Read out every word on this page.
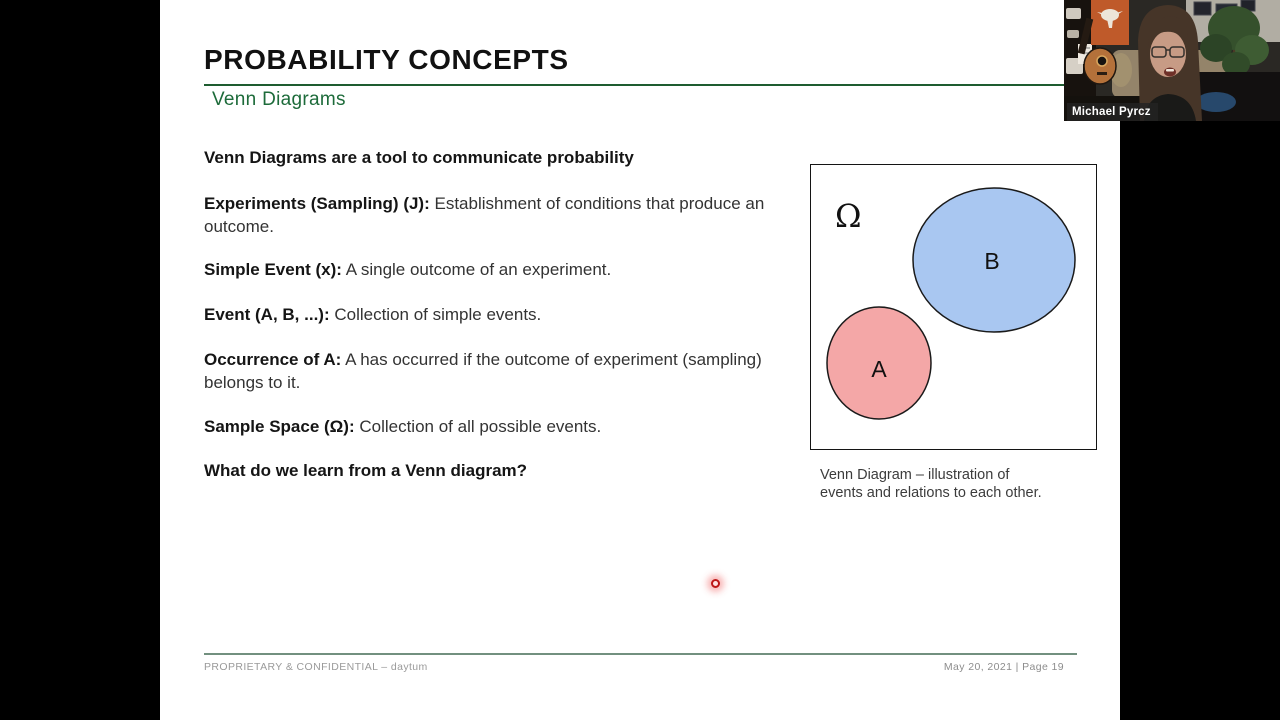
PROBABILITY CONCEPTS
Venn Diagrams

Venn Diagrams are a tool to communicate probability

Experiments (Sampling) (J): Establishment of conditions that produce an outcome.

Simple Event (x): A single outcome of an experiment.

Event (A, B, ...): Collection of simple events.

Occurrence of A: A has occurred if the outcome of experiment (sampling) belongs to it.

Sample Space (Ω): Collection of all possible events.

What do we learn from a Venn diagram?

Ω
B
A
Venn Diagram – illustration of
events and relations to each other.
PROPRIETARY & CONFIDENTIAL – daytum	May 20, 2021 | Page 19
Michael Pyrcz
